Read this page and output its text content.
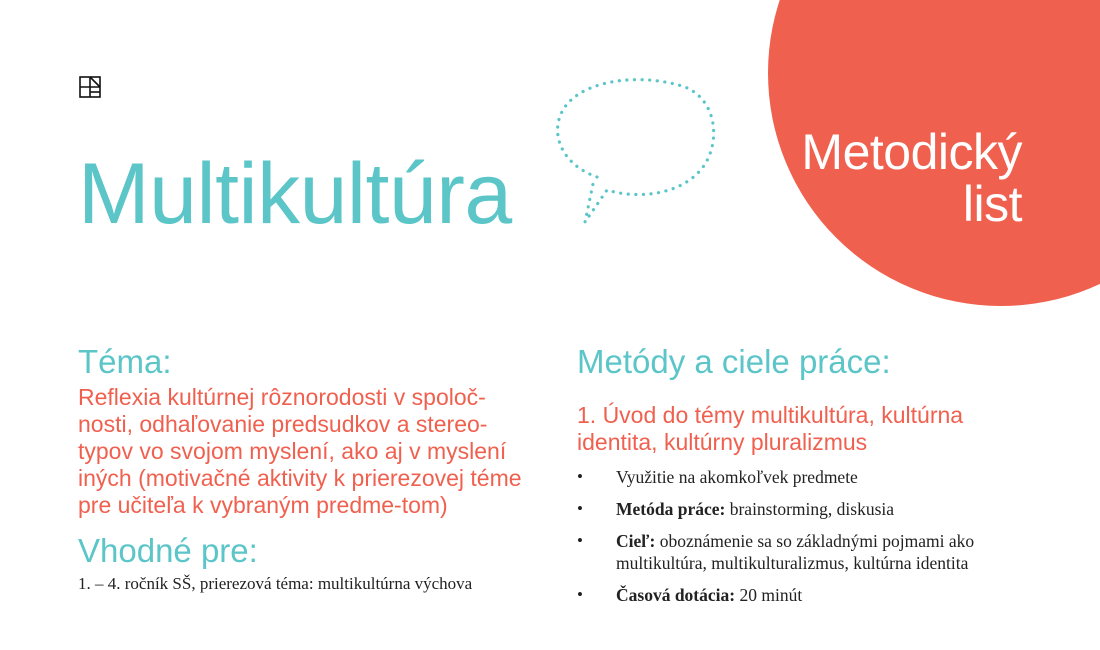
Metodický
list
Multikultúra
Téma:

Reflexia kultúrnej rôznorodosti v spoloč-nosti, odhaľovanie predsudkov a stereo-typov vo svojom myslení, ako aj v myslení iných (motivačné aktivity k prierezovej téme pre učiteľa k vybraným predme-tom)

Vhodné pre:

1. – 4. ročník SŠ, prierezová téma: multikultúrna výchova

Metódy a ciele práce:
1. Úvod do témy multikultúra, kultúrna identita, kultúrny pluralizmus
• Využitie na akomkoľvek predmete
• Metóda práce: brainstorming, diskusia
• Cieľ: oboznámenie sa so základnými pojmami ako multikultúra, multikulturalizmus, kultúrna identita
• Časová dotácia: 20 minút
